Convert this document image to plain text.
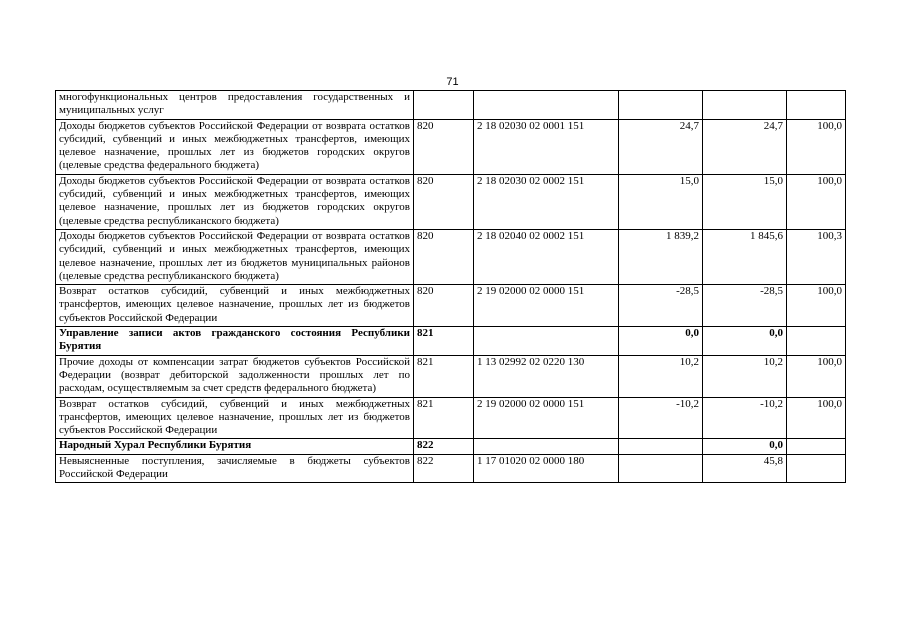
71
многофункциональных центров предоставления государственных и муниципальных услуг					
Доходы бюджетов субъектов Российской Федерации от возврата остатков субсидий, субвенций и иных межбюджетных трансфертов, имеющих целевое назначение, прошлых лет из бюджетов городских округов (целевые средства федерального бюджета)	820	2 18 02030 02 0001 151	24,7	24,7	100,0
Доходы бюджетов субъектов Российской Федерации от возврата остатков субсидий, субвенций и иных межбюджетных трансфертов, имеющих целевое назначение, прошлых лет из бюджетов городских округов (целевые средства республиканского бюджета)	820	2 18 02030 02 0002 151	15,0	15,0	100,0
Доходы бюджетов субъектов Российской Федерации от возврата остатков субсидий, субвенций и иных межбюджетных трансфертов, имеющих целевое назначение, прошлых лет из бюджетов муниципальных районов (целевые средства республиканского бюджета)	820	2 18 02040 02 0002 151	1 839,2	1 845,6	100,3
Возврат остатков субсидий, субвенций и иных межбюджетных трансфертов, имеющих целевое назначение, прошлых лет из бюджетов субъектов Российской Федерации	820	2 19 02000 02 0000 151	-28,5	-28,5	100,0
Управление записи актов гражданского состояния Республики Бурятия	821		0,0	0,0	
Прочие доходы от компенсации затрат бюджетов субъектов Российской Федерации (возврат дебиторской задолженности прошлых лет по расходам, осуществляемым за счет средств федерального бюджета)	821	1 13 02992 02 0220 130	10,2	10,2	100,0
Возврат остатков субсидий, субвенций и иных межбюджетных трансфертов, имеющих целевое назначение, прошлых лет из бюджетов субъектов Российской Федерации	821	2 19 02000 02 0000 151	-10,2	-10,2	100,0
Народный Хурал Республики Бурятия	822			0,0	
Невыясненные поступления, зачисляемые в бюджеты субъектов Российской Федерации	822	1 17 01020 02 0000 180		45,8	
